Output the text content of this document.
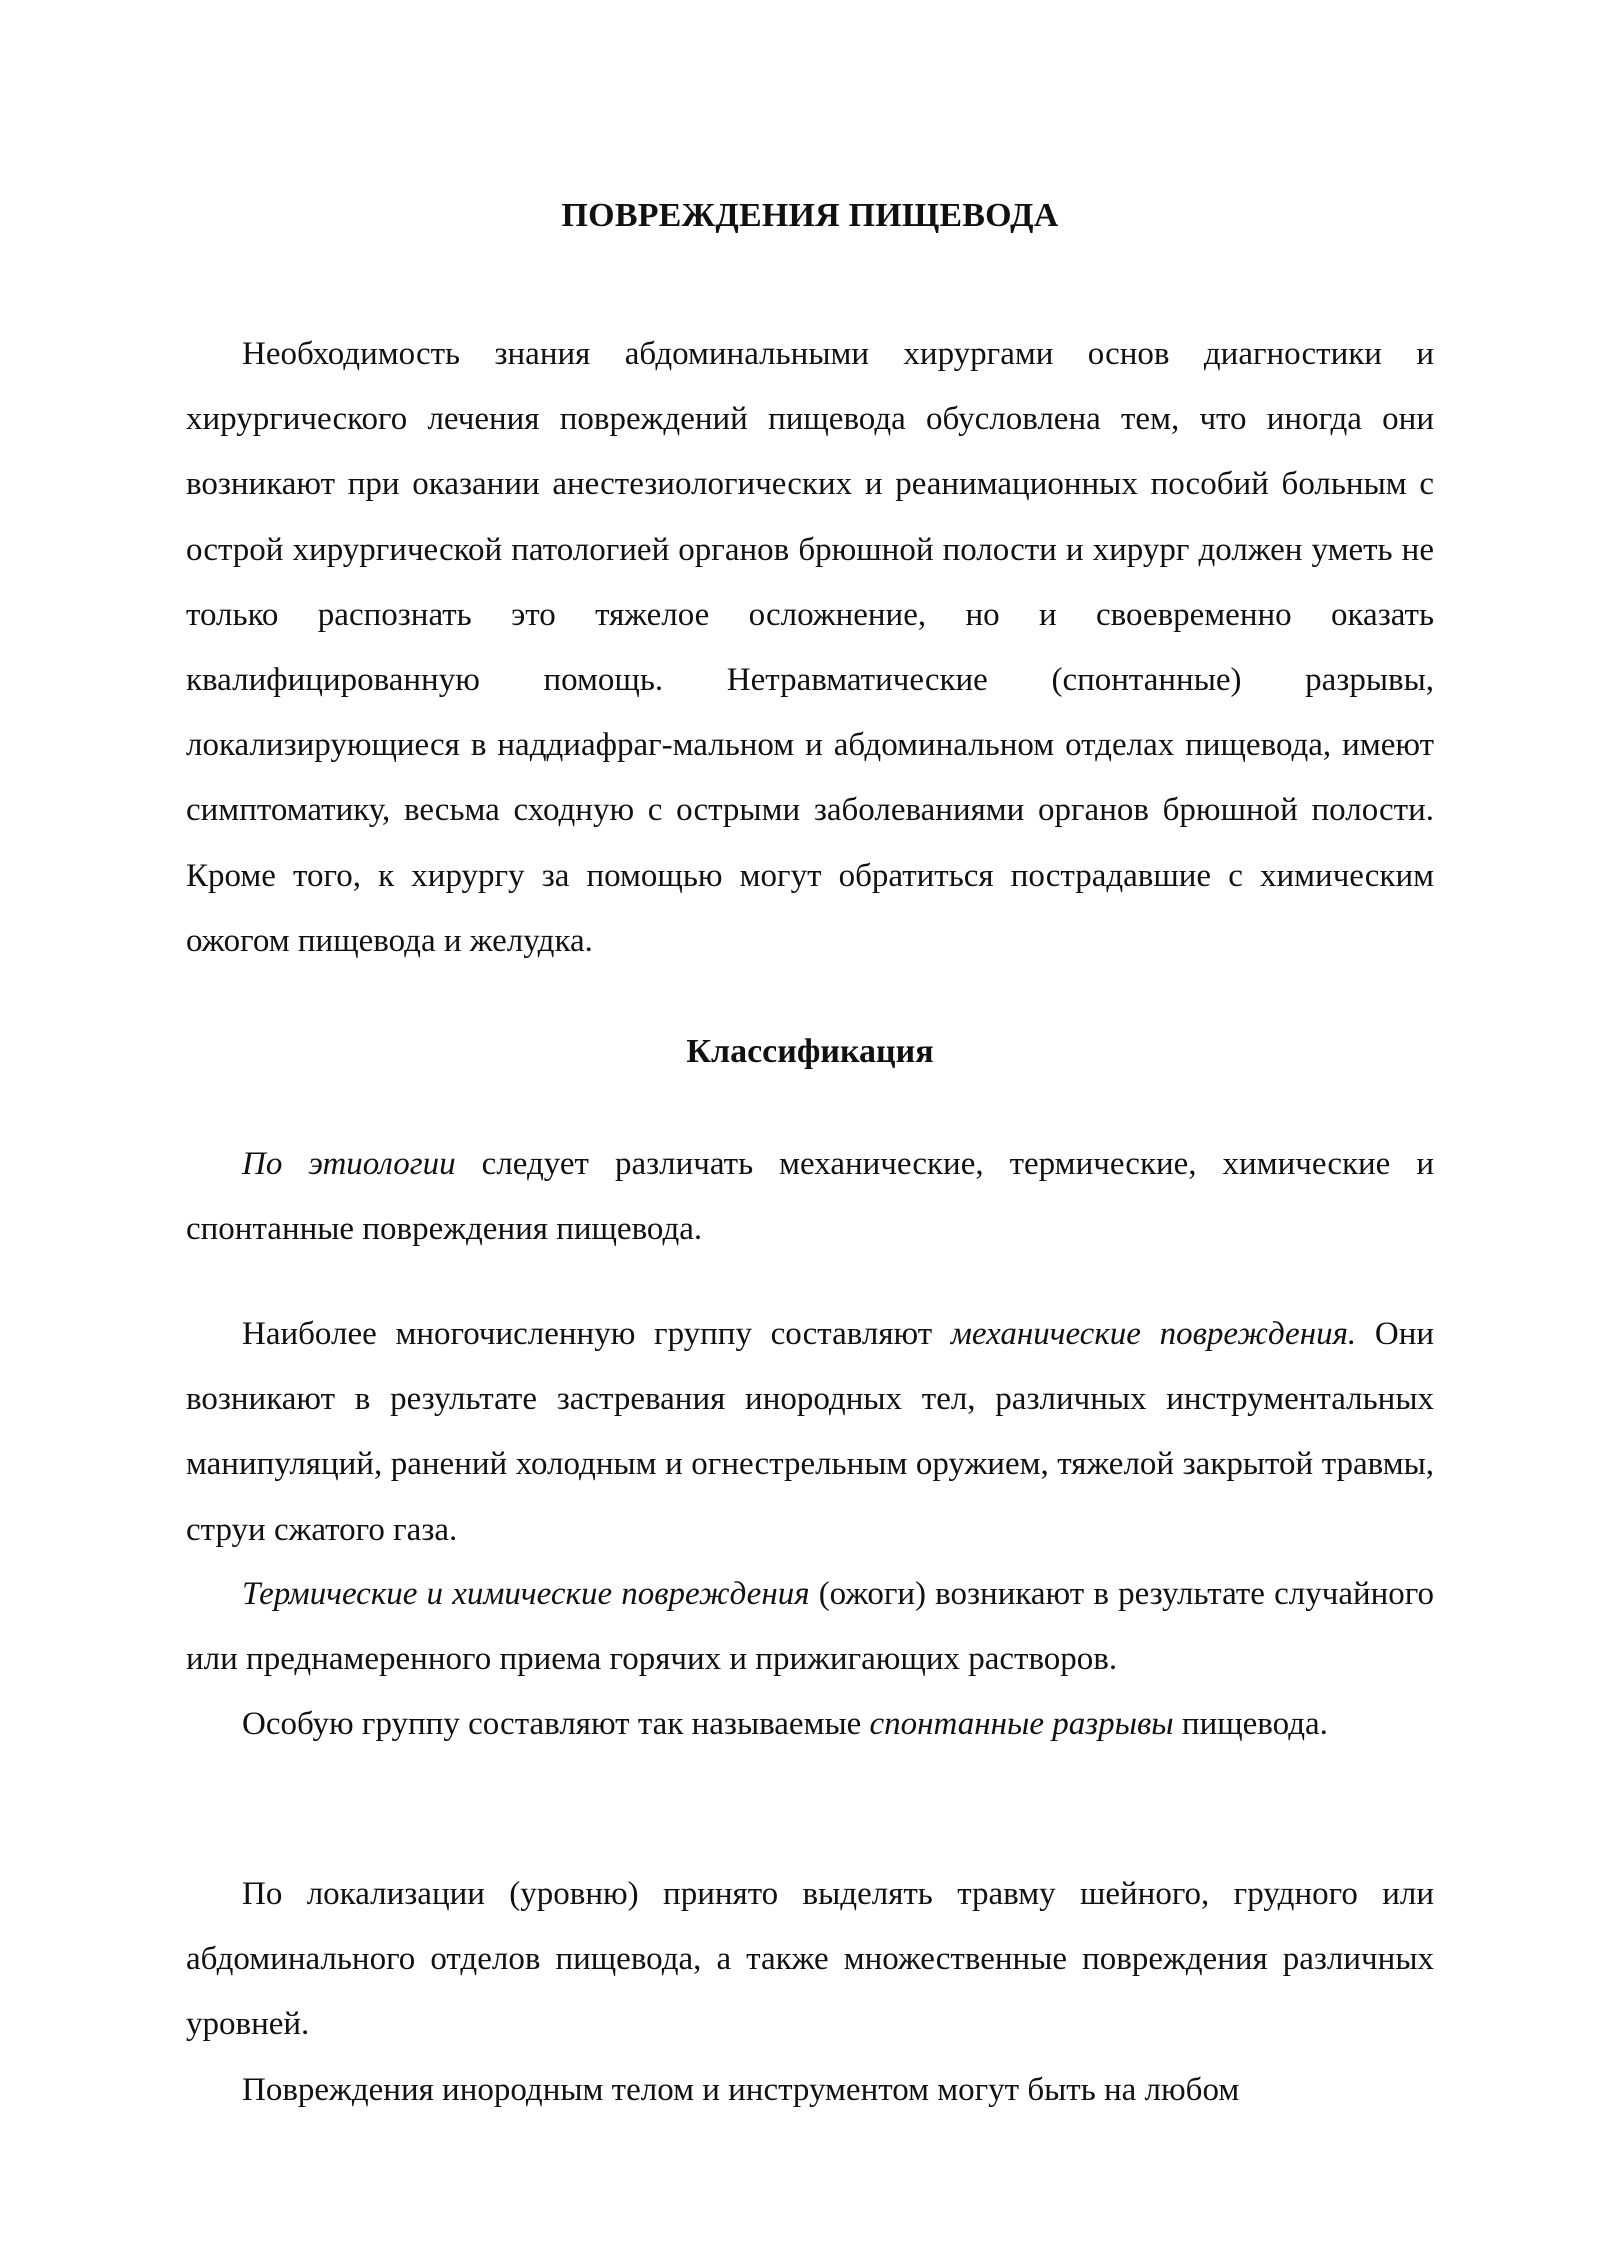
ПОВРЕЖДЕНИЯ ПИЩЕВОДА

Необходимость знания абдоминальными хирургами основ диагностики и хирургического лечения повреждений пищевода обусловлена тем, что иногда они возникают при оказании анестезиологических и реанимационных пособий больным с острой хирургической патологией органов брюшной полости и хирург должен уметь не только распознать это тяжелое осложнение, но и своевременно оказать квалифицированную помощь. Нетравматические (спонтанные) разрывы, локализирующиеся в наддиафраг-мальном и абдоминальном отделах пищевода, имеют симптоматику, весьма сходную с острыми заболеваниями органов брюшной полости. Кроме того, к хирургу за помощью могут обратиться пострадавшие с химическим ожогом пищевода и желудка.

Классификация

По этиологии следует различать механические, термические, химические и спонтанные повреждения пищевода.

Наиболее многочисленную группу составляют механические повреждения. Они возникают в результате застревания инородных тел, различных инструментальных манипуляций, ранений холодным и огнестрельным оружием, тяжелой закрытой травмы, струи сжатого газа.

Термические и химические повреждения (ожоги) возникают в результате случайного или преднамеренного приема горячих и прижигающих растворов.

Особую группу составляют так называемые спонтанные разрывы пищевода.

По локализации (уровню) принято выделять травму шейного, грудного или абдоминального отделов пищевода, а также множественные повреждения различных уровней.

Повреждения инородным телом и инструментом могут быть на любом
